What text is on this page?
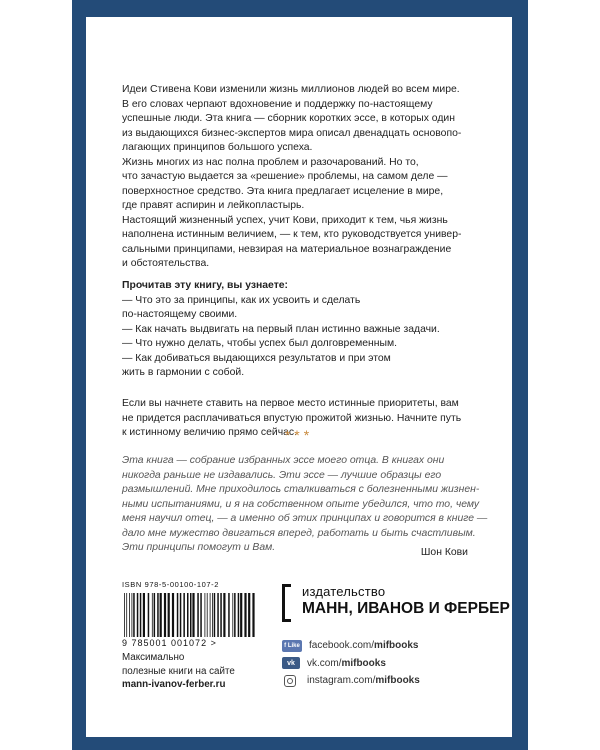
Идеи Стивена Кови изменили жизнь миллионов людей во всем мире.

В его словах черпают вдохновение и поддержку по-настоящему

успешные люди. Эта книга — сборник коротких эссе, в которых один

из выдающихся бизнес-экспертов мира описал двенадцать основопо-

лагающих принципов большого успеха.

Жизнь многих из нас полна проблем и разочарований. Но то,

что зачастую выдается за «решение» проблемы, на самом деле —

поверхностное средство. Эта книга предлагает исцеление в мире,

где правят аспирин и лейкопластырь.

Настоящий жизненный успех, учит Кови, приходит к тем, чья жизнь

наполнена истинным величием, — к тем, кто руководствуется универ-

сальными принципами, невзирая на материальное вознаграждение

и обстоятельства.

Прочитав эту книгу, вы узнаете:

— Что это за принципы, как их усвоить и сделать

по-настоящему своими.

— Как начать выдвигать на первый план истинно важные задачи.

— Что нужно делать, чтобы успех был долговременным.

— Как добиваться выдающихся результатов и при этом

жить в гармонии с собой.

Если вы начнете ставить на первое место истинные приоритеты, вам

не придется расплачиваться впустую прожитой жизнью. Начните путь

к истинному величию прямо сейчас.

***

Эта книга — собрание избранных эссе моего отца. В книгах они

никогда раньше не издавались. Эти эссе — лучшие образцы его

размышлений. Мне приходилось сталкиваться с болезненными жизнен-

ными испытаниями, и я на собственном опыте убедился, что то, чему

меня научил отец, — а именно об этих принципах и говорится в книге —

дало мне мужество двигаться вперед, работать и быть счастливым.

Эти принципы помогут и Вам.	Шон Кови
ISBN 978-5-00100-107-2
9 785001 001072 >

Максимально

полезные книги на сайте

mann-ivanov-ferber.ru

издательство
МАНН, ИВАНОВ И ФЕРБЕР
f Like facebook.com/ mifbooks
vk	vk.com/ mifbooks
instagram.com/ mifbooks
